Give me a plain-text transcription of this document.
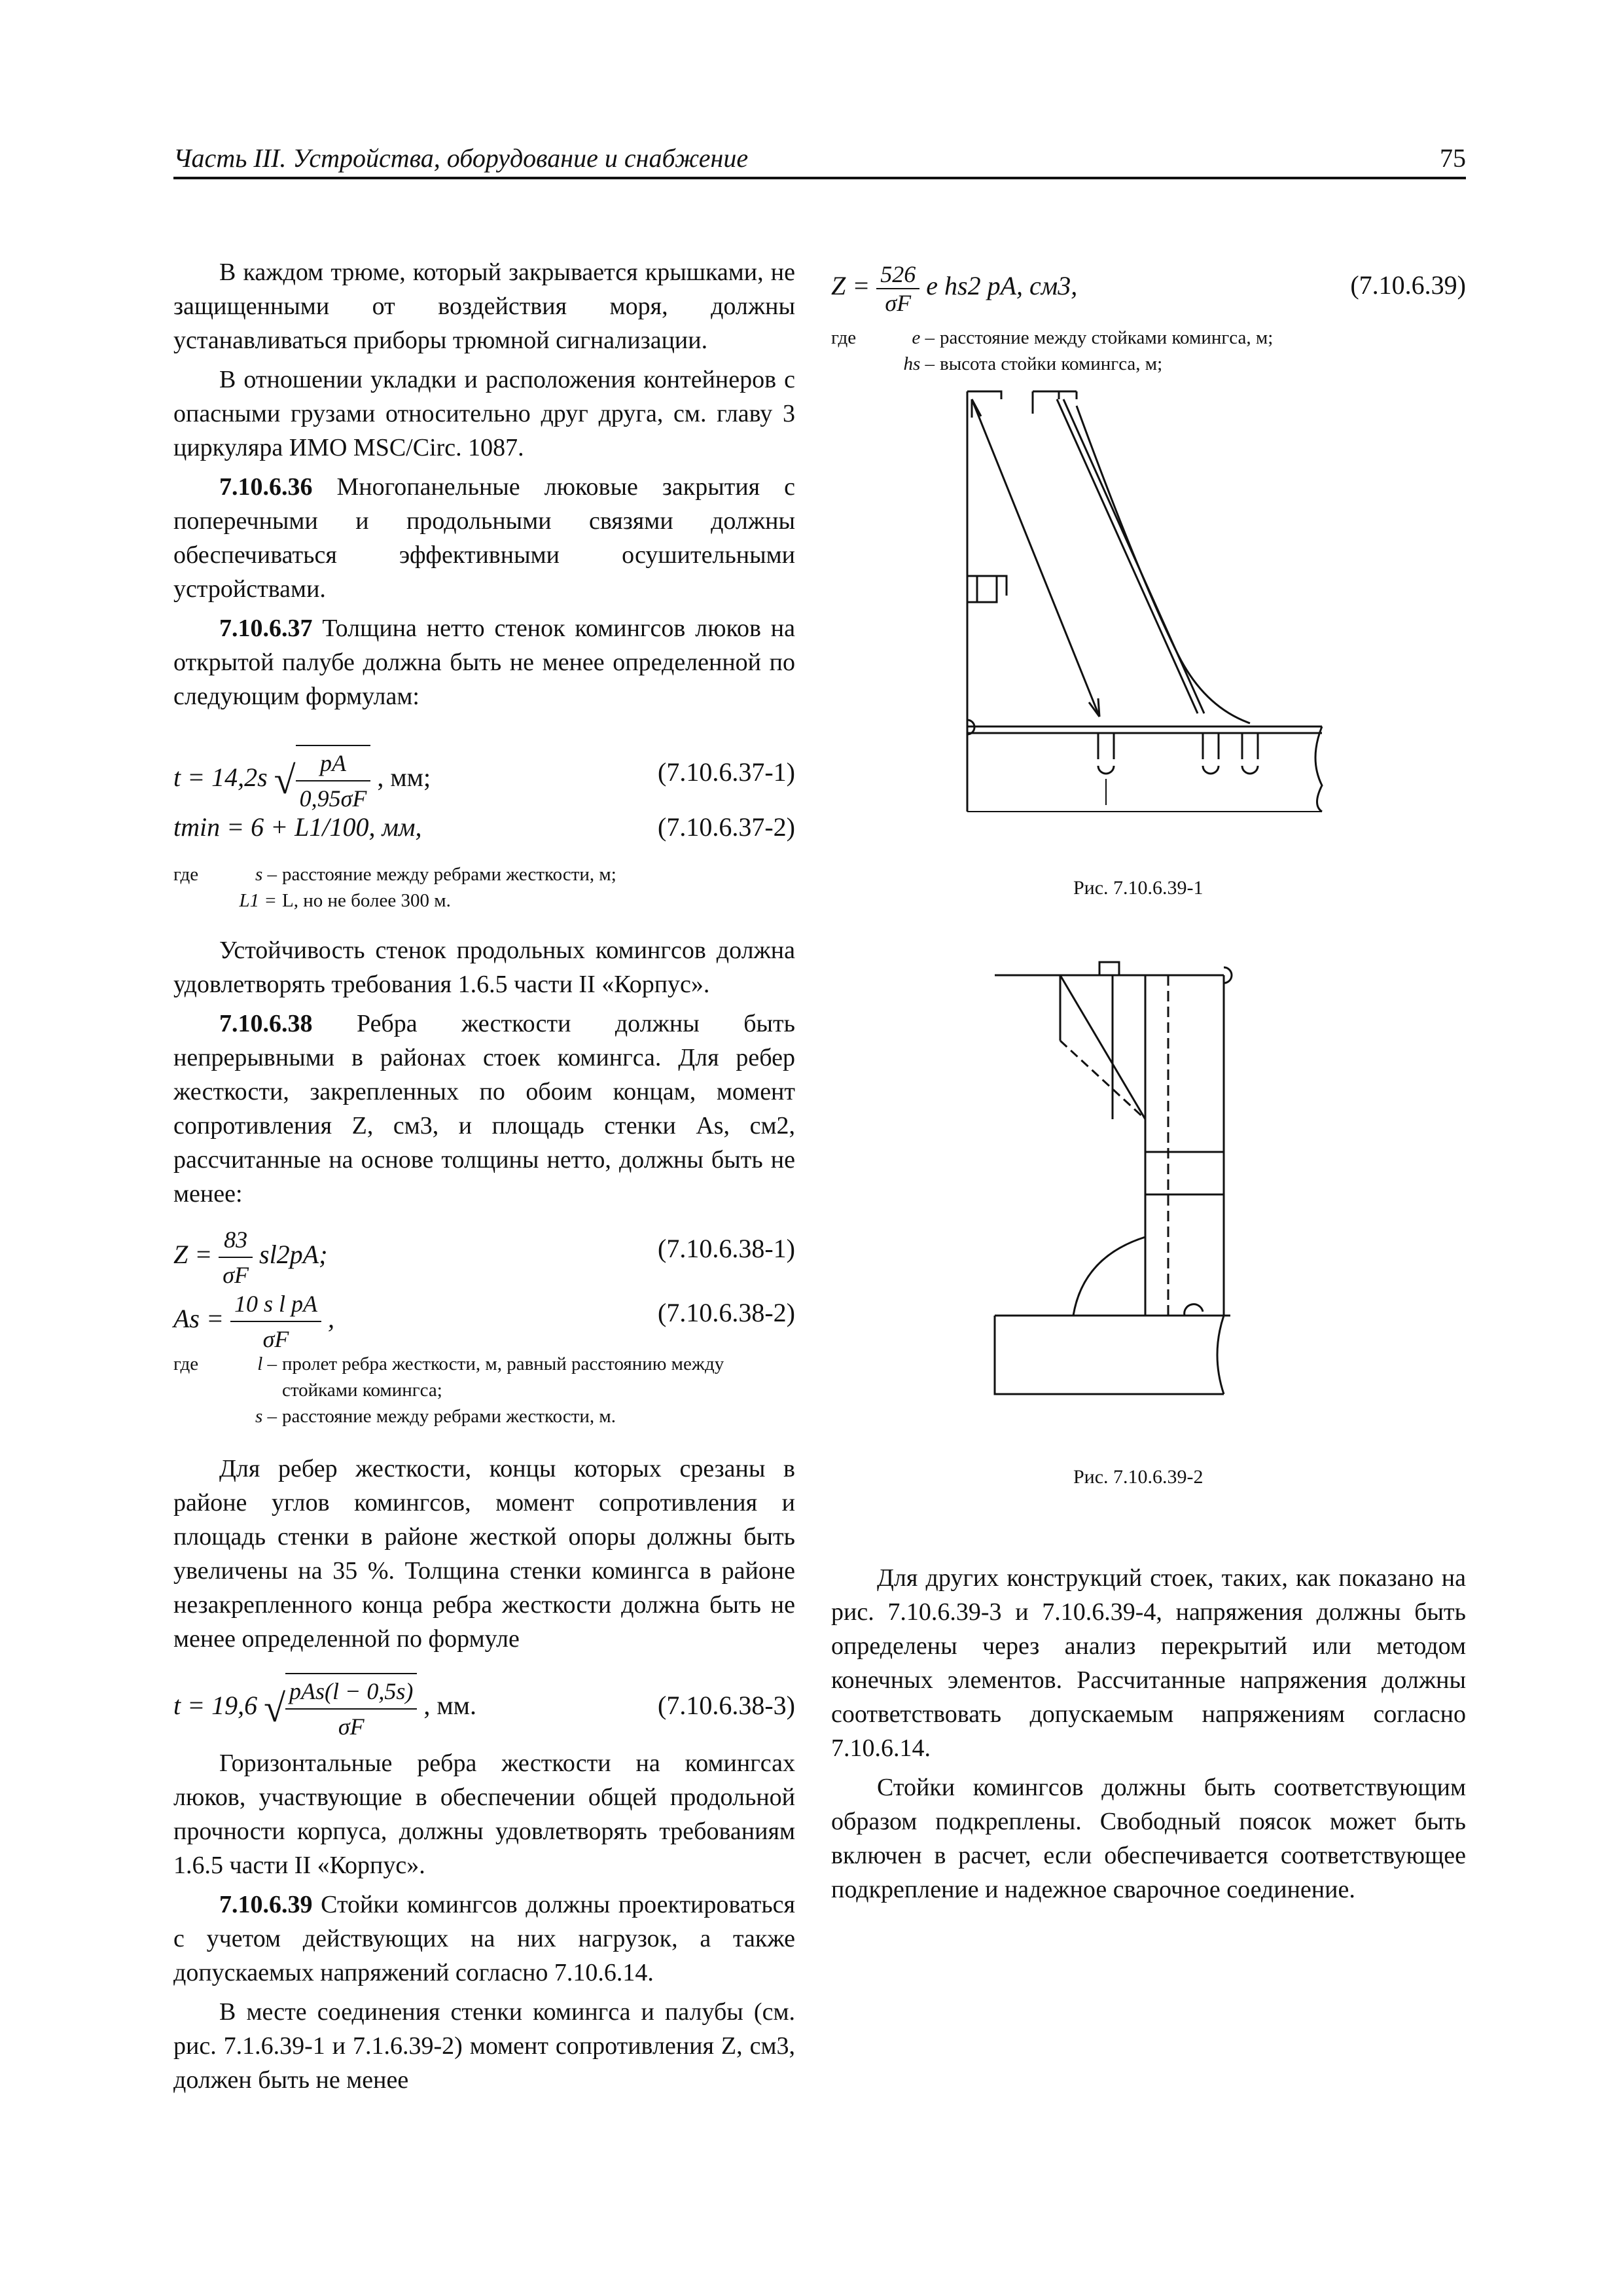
Часть III. Устройства, оборудование и снабжение	75

В каждом трюме, который закрывается крышками, не защищенными от воздействия моря, должны устанавливаться приборы трюмной сигнализации.

В отношении укладки и расположения контейнеров с опасными грузами относительно друг друга, см. главу 3 циркуляра ИМО MSC/Circ. 1087.

7.10.6.36 Многопанельные люковые закрытия с поперечными и продольными связями должны обеспечиваться эффективными осушительными устройствами.

7.10.6.37 Толщина нетто стенок комингсов люков на открытой палубе должна быть не менее определенной по следующим формулам:

t = 14,2s √ $\frac{pA}{0,95\sigma F}$ , мм;	(7.10.6.37-1)
tmin = 6 + L1/100, мм,	(7.10.6.37-2)
где	s – расстояние между ребрами жесткости, м;
L1 = L, но не более 300 м.

Устойчивость стенок продольных комингсов должна удовлетворять требования 1.6.5 части II «Корпус».

7.10.6.38 Ребра жесткости должны быть непрерывными в районах стоек комингса. Для ребер жесткости, закрепленных по обоим концам, момент сопротивления Z, см3, и площадь стенки As, см2, рассчитанные на основе толщины нетто, должны быть не менее:

$Z = \frac{83}{\sigma F} sl2pA$;	(7.10.6.38-1)
$As = \frac{\text{10 s l pA}}{\sigma F}$ ,	(7.10.6.38-2)
где	l – пролет ребра жесткости, м, равный расстоянию между стойками комингса;
s – расстояние между ребрами жесткости, м.

Для ребер жесткости, концы которых срезаны в районе углов комингсов, момент сопротивления и площадь стенки в районе жесткой опоры должны быть увеличены на 35 %. Толщина стенки комингса в районе незакрепленного конца ребра жесткости должна быть не менее определенной по формуле

t = 19,6 √ $\frac{\text{pAs(l − 0,5s)}}{\sigma F}$ , мм.	(7.10.6.38-3)

Горизонтальные ребра жесткости на комингсах люков, участвующие в обеспечении общей продольной прочности корпуса, должны удовлетворять требованиям 1.6.5 части II «Корпус».

7.10.6.39 Стойки комингсов должны проектироваться с учетом действующих на них нагрузок, а также допускаемых напряжений согласно 7.10.6.14.

В месте соединения стенки комингса и палубы (см. рис. 7.1.6.39-1 и 7.1.6.39-2) момент сопротивления Z, см3, должен быть не менее

$Z = \frac{526}{\sigma F}$ e hs2 pA, см3,	(7.10.6.39)
где	e – расстояние между стойками комингса, м;
hs – высота стойки комингса, м;
Рис. 7.10.6.39-1
Рис. 7.10.6.39-2

Для других конструкций стоек, таких, как показано на рис. 7.10.6.39-3 и 7.10.6.39-4, напряжения должны быть определены через анализ перекрытий или методом конечных элементов. Рассчитанные напряжения должны соответствовать допускаемым напряжениям согласно 7.10.6.14.

Стойки комингсов должны быть соответствующим образом подкреплены. Свободный поясок может быть включен в расчет, если обеспечивается соответствующее подкрепление и надежное сварочное соединение.
